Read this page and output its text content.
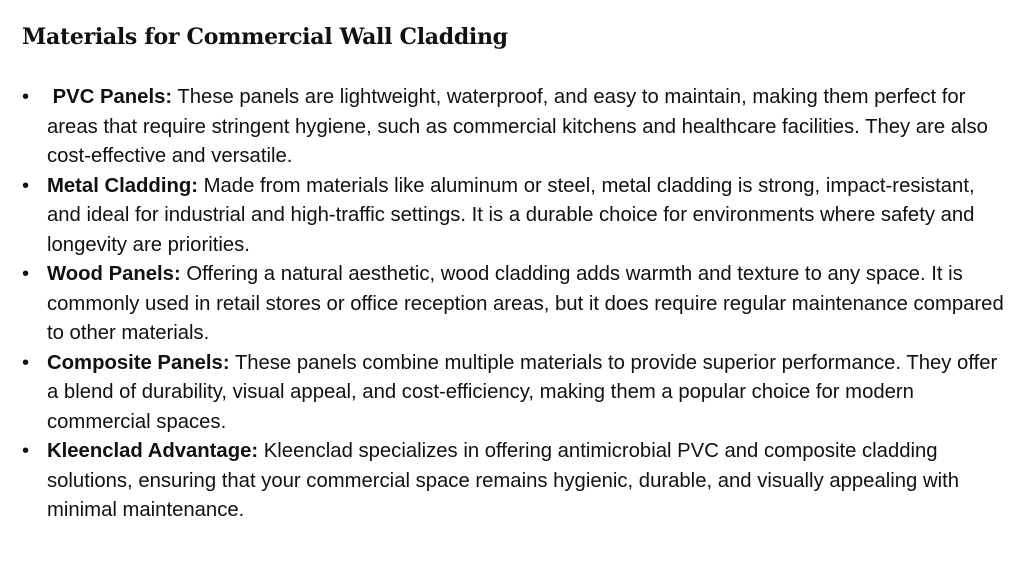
Materials for Commercial Wall Cladding
•	PVC Panels: These panels are lightweight, waterproof, and easy to maintain, making them perfect for areas that require stringent hygiene, such as commercial kitchens and healthcare facilities. They are also cost-effective and versatile.
• Metal Cladding: Made from materials like aluminum or steel, metal cladding is strong, impact-resistant, and ideal for industrial and high-traffic settings. It is a durable choice for environments where safety and longevity are priorities.
• Wood Panels: Offering a natural aesthetic, wood cladding adds warmth and texture to any space. It is commonly used in retail stores or office reception areas, but it does require regular maintenance compared to other materials.
• Composite Panels: These panels combine multiple materials to provide superior performance. They offer a blend of durability, visual appeal, and cost-efficiency, making them a popular choice for modern commercial spaces.
• Kleenclad Advantage: Kleenclad specializes in offering antimicrobial PVC and composite cladding solutions, ensuring that your commercial space remains hygienic, durable, and visually appealing with minimal maintenance.
